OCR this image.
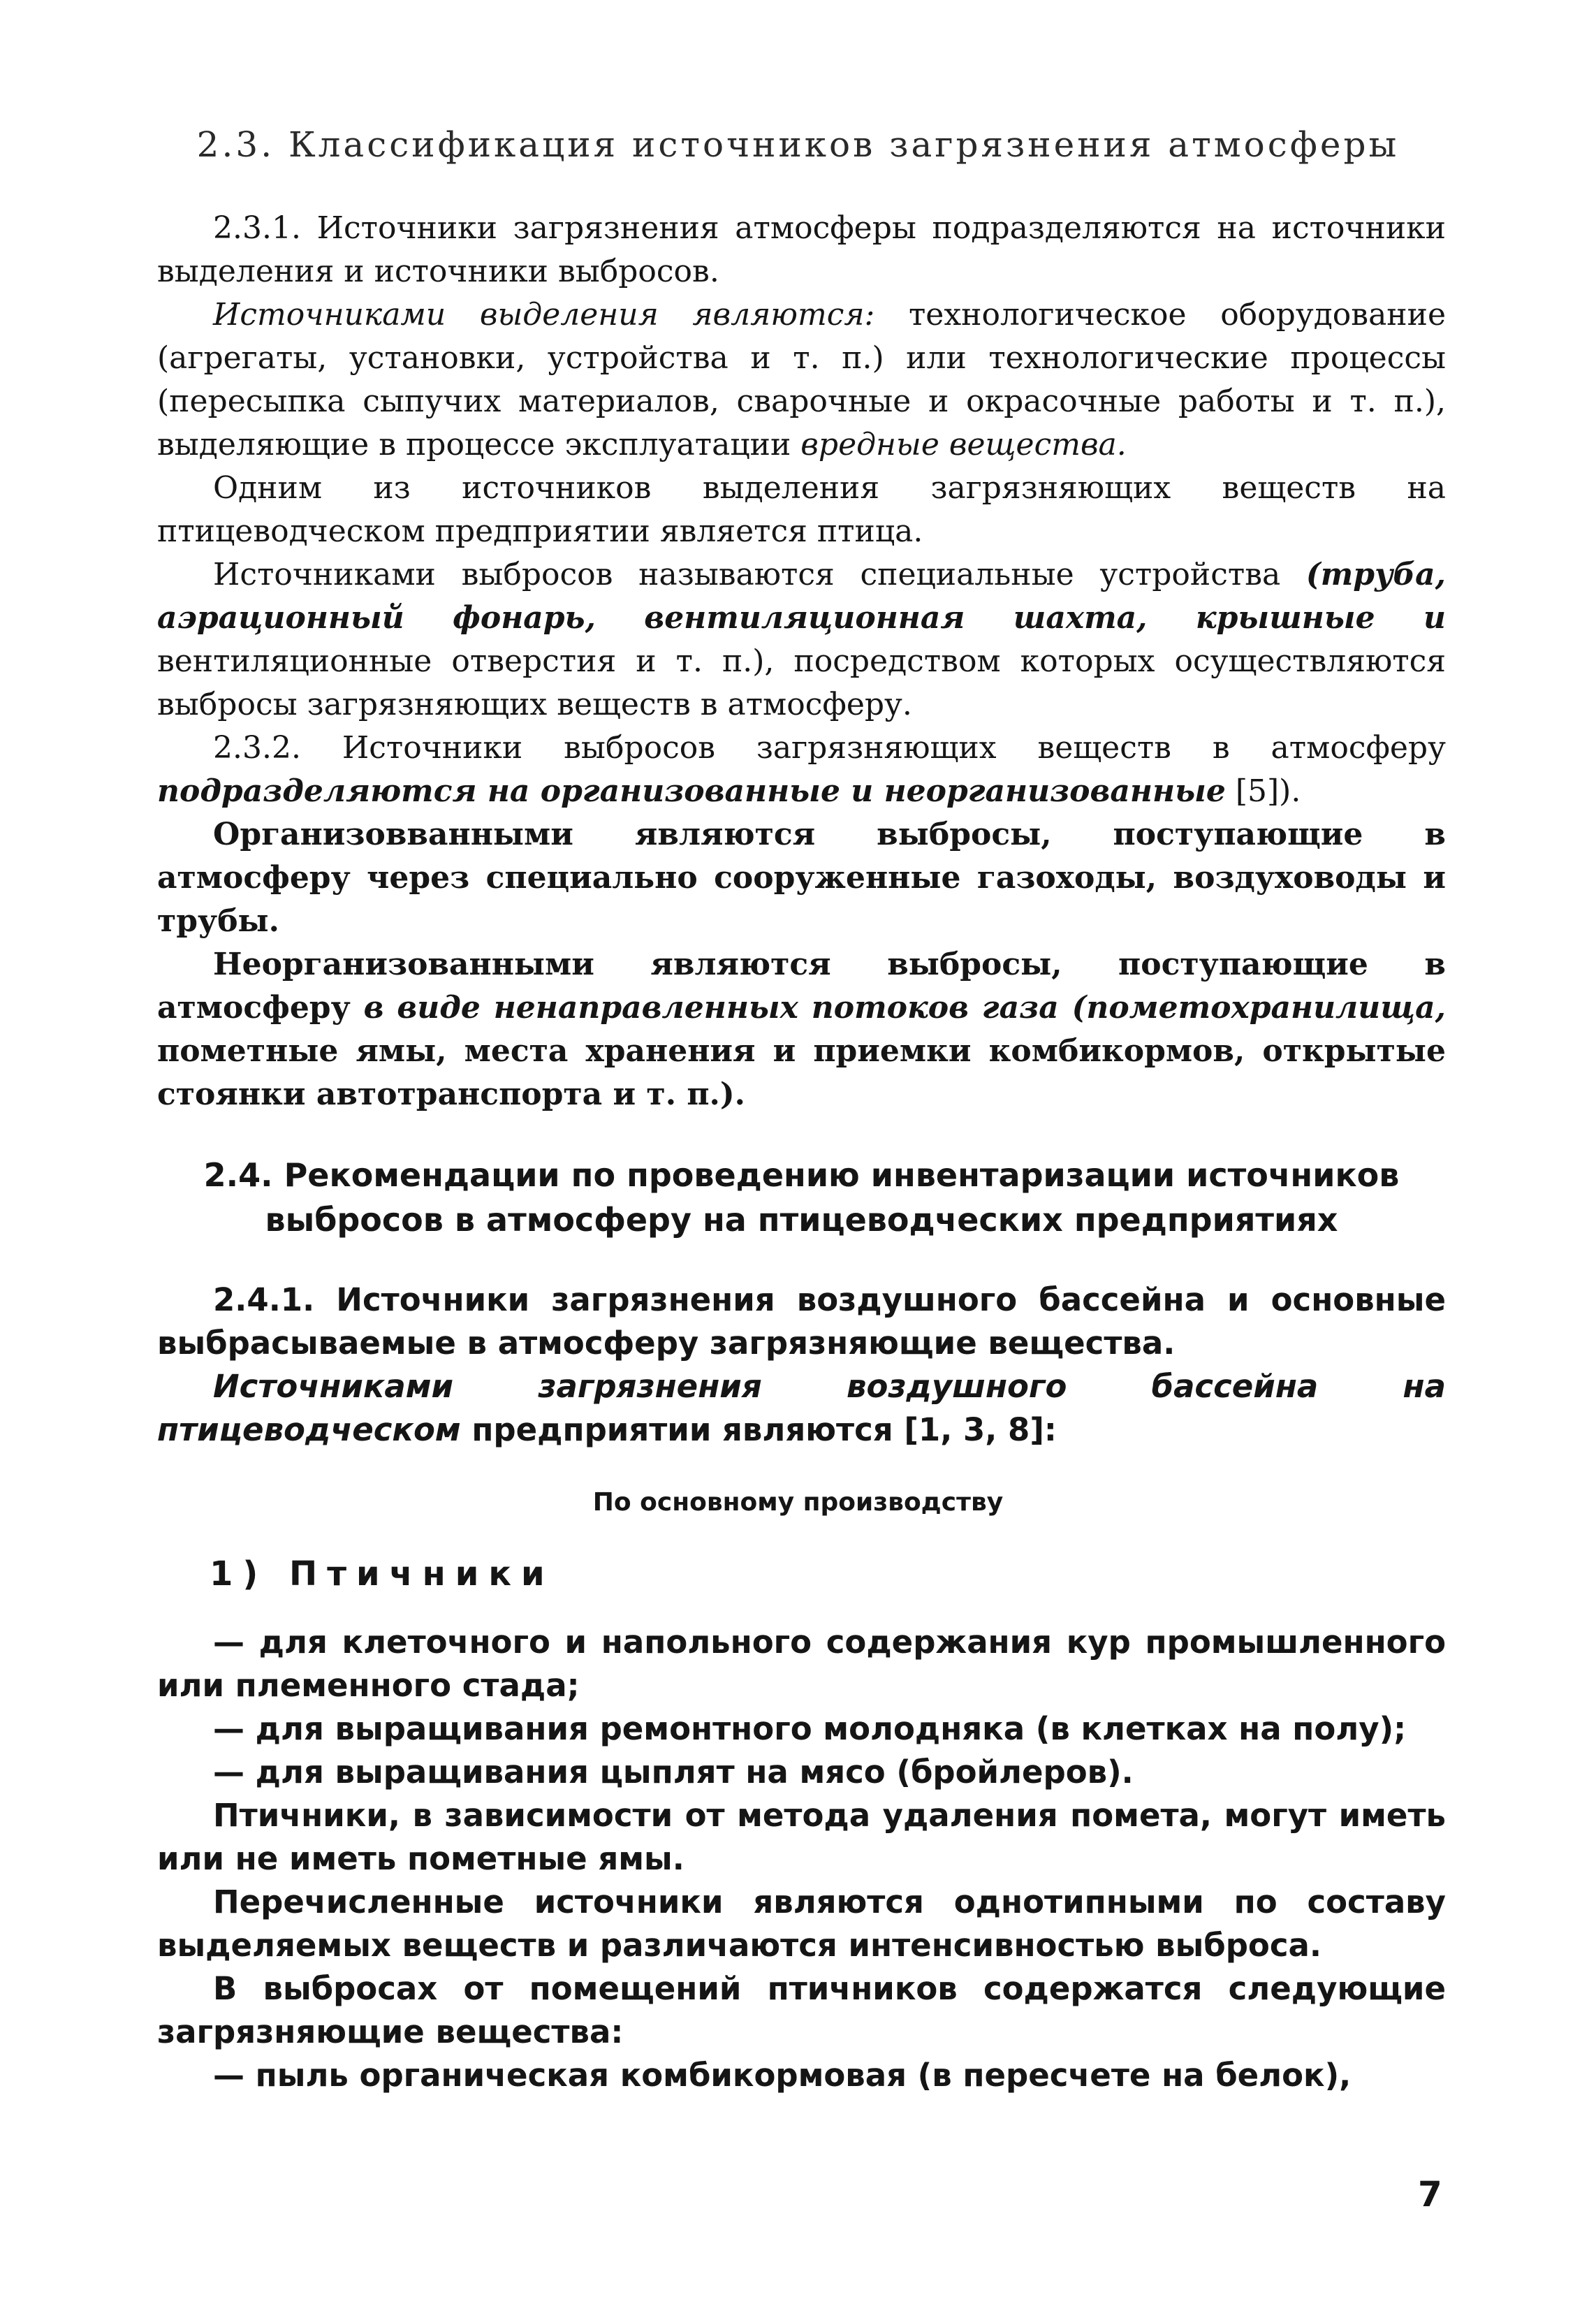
2.3. Классификация источников загрязнения атмосферы

2.3.1. Источники загрязнения атмосферы подразделяются на источники выделения и источники выбросов.

Источниками выделения являются: технологическое оборудование (агрегаты, установки, устройства и т. п.) или технологические процессы (пересыпка сыпучих материалов, сварочные и окрасочные работы и т. п.), выделяющие в процессе эксплуатации вредные вещества.

Одним из источников выделения загрязняющих веществ на птицеводческом предприятии является птица.

Источниками выбросов называются специальные устройства (труба, аэрационный фонарь, вентиляционная шахта, крышные и вентиляционные отверстия и т. п.), посредством которых осуществляются выбросы загрязняющих веществ в атмосферу.

2.3.2. Источники выбросов загрязняющих веществ в атмосферу подразделяются на организованные и неорганизованные [5]).

Организовванными являются выбросы, поступающие в атмосферу через специально сооруженные газоходы, воздуховоды и трубы.

Неорганизованными являются выбросы, поступающие в атмосферу в виде ненаправленных потоков газа (пометохранилища, пометные ямы, места хранения и приемки комбикормов, открытые стоянки автотранспорта и т. п.).

2.4. Рекомендации по проведению инвентаризации источников
выбросов в атмосферу на птицеводческих предприятиях

2.4.1. Источники загрязнения воздушного бассейна и основные выбрасываемые в атмосферу загрязняющие вещества.

Источниками загрязнения воздушного бассейна на птицеводческом предприятии являются [1, 3, 8]:

По основному производству
1) Птичники

— для клеточного и напольного содержания кур промышленного или племенного стада;

— для выращивания ремонтного молодняка (в клетках на полу);

— для выращивания цыплят на мясо (бройлеров).

Птичники, в зависимости от метода удаления помета, могут иметь или не иметь пометные ямы.

Перечисленные источники являются однотипными по составу выделяемых веществ и различаются интенсивностью выброса.

В выбросах от помещений птичников содержатся следующие загрязняющие вещества:

— пыль органическая комбикормовая (в пересчете на белок),

7
